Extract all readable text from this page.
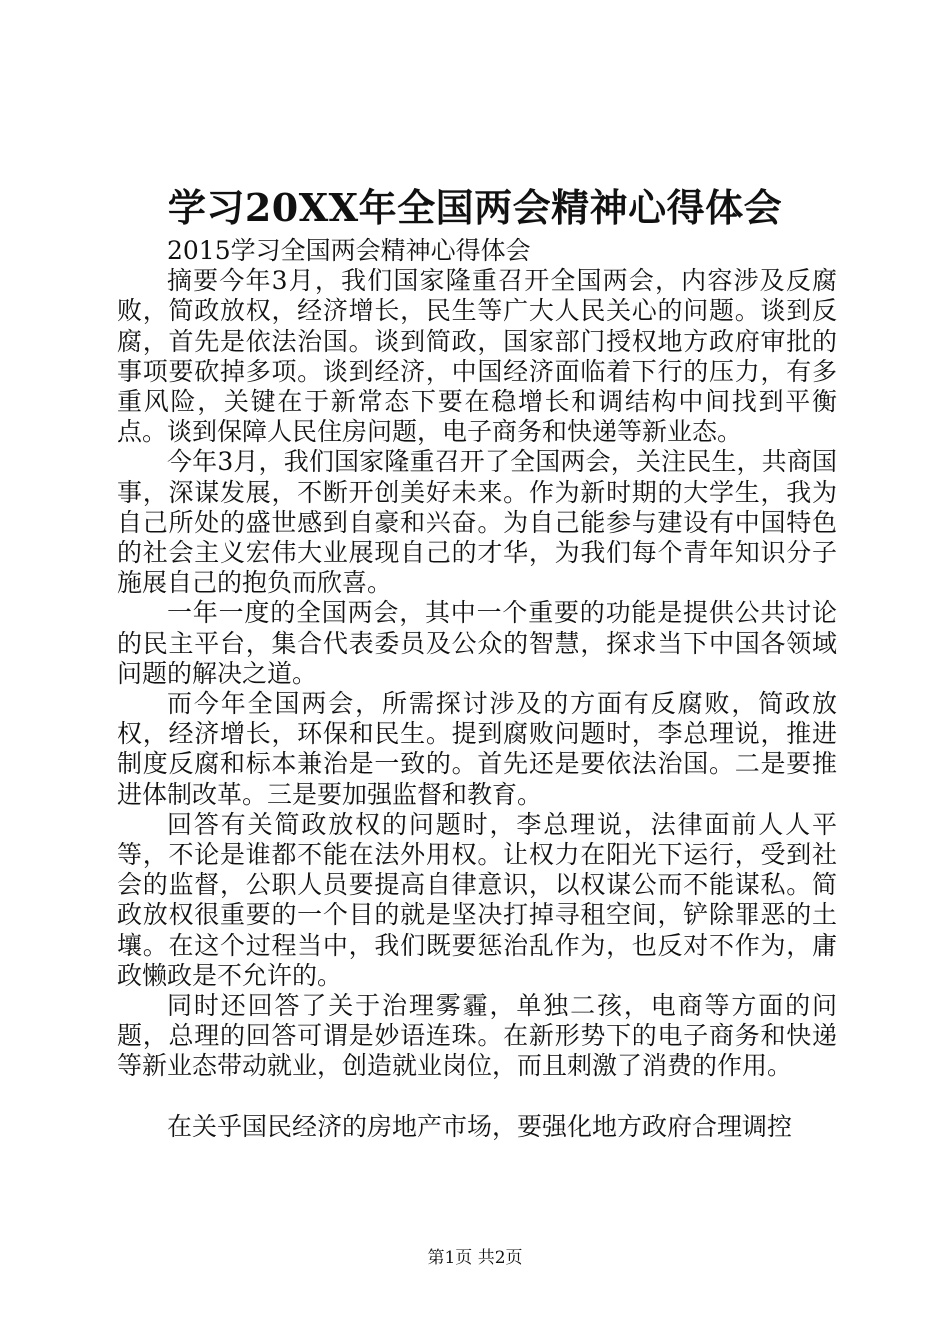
学习20XX年全国两会精神心得体会

2015学习全国两会精神心得体会

摘要今年3月，我们国家隆重召开全国两会，内容涉及反腐败，简政放权，经济增长，民生等广大人民关心的问题。谈到反腐，首先是依法治国。谈到简政，国家部门授权地方政府审批的事项要砍掉多项。谈到经济，中国经济面临着下行的压力，有多重风险，关键在于新常态下要在稳增长和调结构中间找到平衡点。谈到保障人民住房问题，电子商务和快递等新业态。

今年3月，我们国家隆重召开了全国两会，关注民生，共商国事，深谋发展，不断开创美好未来。作为新时期的大学生，我为自己所处的盛世感到自豪和兴奋。为自己能参与建设有中国特色的社会主义宏伟大业展现自己的才华，为我们每个青年知识分子施展自己的抱负而欣喜。

一年一度的全国两会，其中一个重要的功能是提供公共讨论的民主平台，集合代表委员及公众的智慧，探求当下中国各领域问题的解决之道。

而今年全国两会，所需探讨涉及的方面有反腐败，简政放权，经济增长，环保和民生。提到腐败问题时，李总理说，推进制度反腐和标本兼治是一致的。首先还是要依法治国。二是要推进体制改革。三是要加强监督和教育。

回答有关简政放权的问题时，李总理说，法律面前人人平等，不论是谁都不能在法外用权。让权力在阳光下运行，受到社会的监督，公职人员要提高自律意识，以权谋公而不能谋私。简政放权很重要的一个目的就是坚决打掉寻租空间，铲除罪恶的土壤。在这个过程当中，我们既要惩治乱作为，也反对不作为，庸政懒政是不允许的。

同时还回答了关于治理雾霾，单独二孩，电商等方面的问题，总理的回答可谓是妙语连珠。在新形势下的电子商务和快递等新业态带动就业，创造就业岗位，而且刺激了消费的作用。

在关乎国民经济的房地产市场，要强化地方政府合理调控

第1页 共2页
